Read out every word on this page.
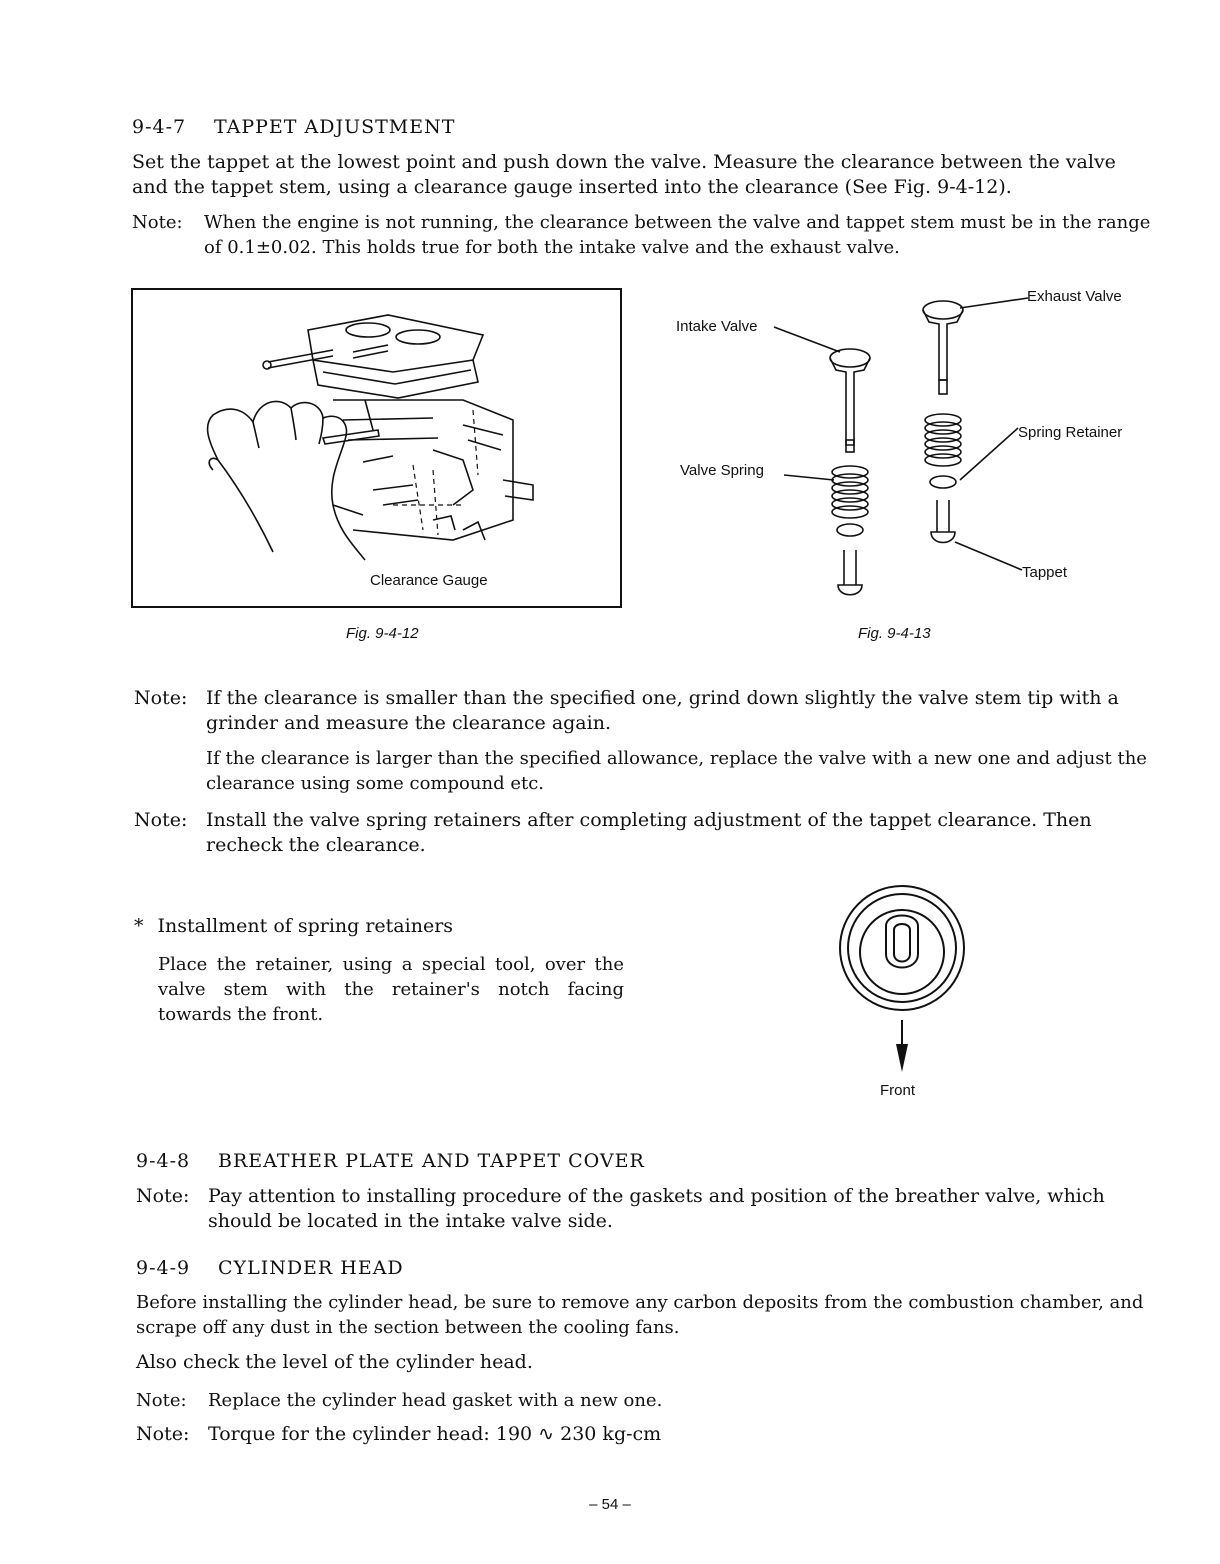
9-4-7 TAPPET ADJUSTMENT
Set the tappet at the lowest point and push down the valve. Measure the clearance between the valve and the tappet stem, using a clearance gauge inserted into the clearance (See Fig. 9-4-12).
Note: When the engine is not running, the clearance between the valve and tappet stem must be in the range of 0.1±0.02. This holds true for both the intake valve and the exhaust valve.
Clearance Gauge
Fig. 9-4-12
Intake Valve
Exhaust Valve
Valve Spring
Spring Retainer
Tappet
Fig. 9-4-13
Note: If the clearance is smaller than the specified one, grind down slightly the valve stem tip with a grinder and measure the clearance again.
If the clearance is larger than the specified allowance, replace the valve with a new one and adjust the clearance using some compound etc.
Note: Install the valve spring retainers after completing adjustment of the tappet clearance. Then recheck the clearance.
* Installment of spring retainers
Place the retainer, using a special tool, over the valve stem with the retainer's notch facing towards the front.
Front
9-4-8 BREATHER PLATE AND TAPPET COVER
Note: Pay attention to installing procedure of the gaskets and position of the breather valve, which should be located in the intake valve side.
9-4-9 CYLINDER HEAD
Before installing the cylinder head, be sure to remove any carbon deposits from the combustion chamber, and scrape off any dust in the section between the cooling fans.
Also check the level of the cylinder head.
Note: Replace the cylinder head gasket with a new one.
Note: Torque for the cylinder head: 190 ∿ 230 kg-cm
– 54 –
